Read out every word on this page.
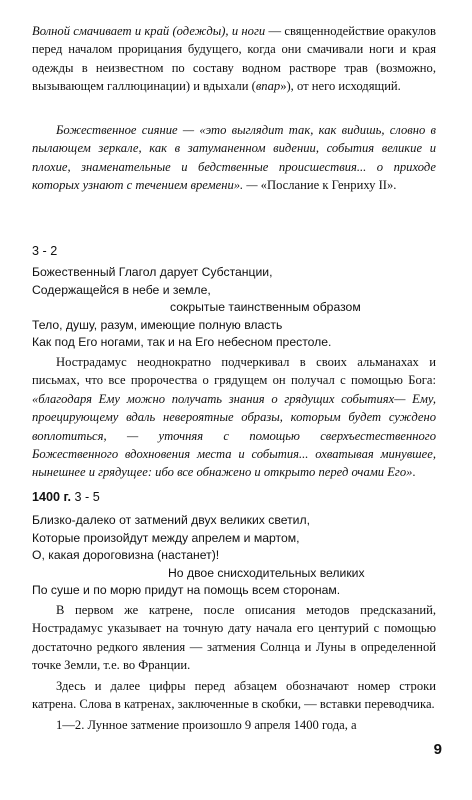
Волной смачивает и край (одежды), и ноги — священнодействие оракулов перед началом прорицания будущего, когда они смачивали ноги и края одежды в неизвестном по составу водном растворе трав (возможно, вызывающем галлюцинации) и вдыхали (впар»), от него исходящий.

Божественное сияние — «это выглядит так, как видишь, словно в пылающем зеркале, как в затуманенном видении, события великие и плохие, знаменательные и бедственные происшествия... о приходе которых узнают с течением времени». — «Послание к Генриху II».

3 - 2

Божественный Глагол дарует Субстанции,
Содержащейся в небе и земле,
сокрытые таинственным образом
Тело, душу, разум, имеющие полную власть
Как под Его ногами, так и на Его небесном престоле.

Нострадамус неоднократно подчеркивал в своих альманахах и письмах, что все пророчества о грядущем он получал с помощью Бога: «благодаря Ему можно получать знания о грядущих событиях— Ему, проецирующему вдаль невероятные образы, которым будет суждено воплотиться, — уточняя с помощью сверхъестественного Божественного вдохновения места и события... охватывая минувшее, нынешнее и грядущее: ибо все обнажено и открыто перед очами Его».

1400 г. 3 - 5

Близко-далеко от затмений двух великих светил,
Которые произойдут между апрелем и мартом,
О, какая дороговизна (настанет)!
Но двое снисходительных великих
По суше и по морю придут на помощь всем сторонам.

В первом же катрене, после описания методов предсказаний, Нострадамус указывает на точную дату начала его центурий с помощью достаточно редкого явления — затмения Солнца и Луны в определенной точке Земли, т.е. во Франции.

Здесь и далее цифры перед абзацем обозначают номер строки катрена. Слова в катренах, заключенные в скобки, — вставки переводчика.

1—2. Лунное затмение произошло 9 апреля 1400 года, а

9
